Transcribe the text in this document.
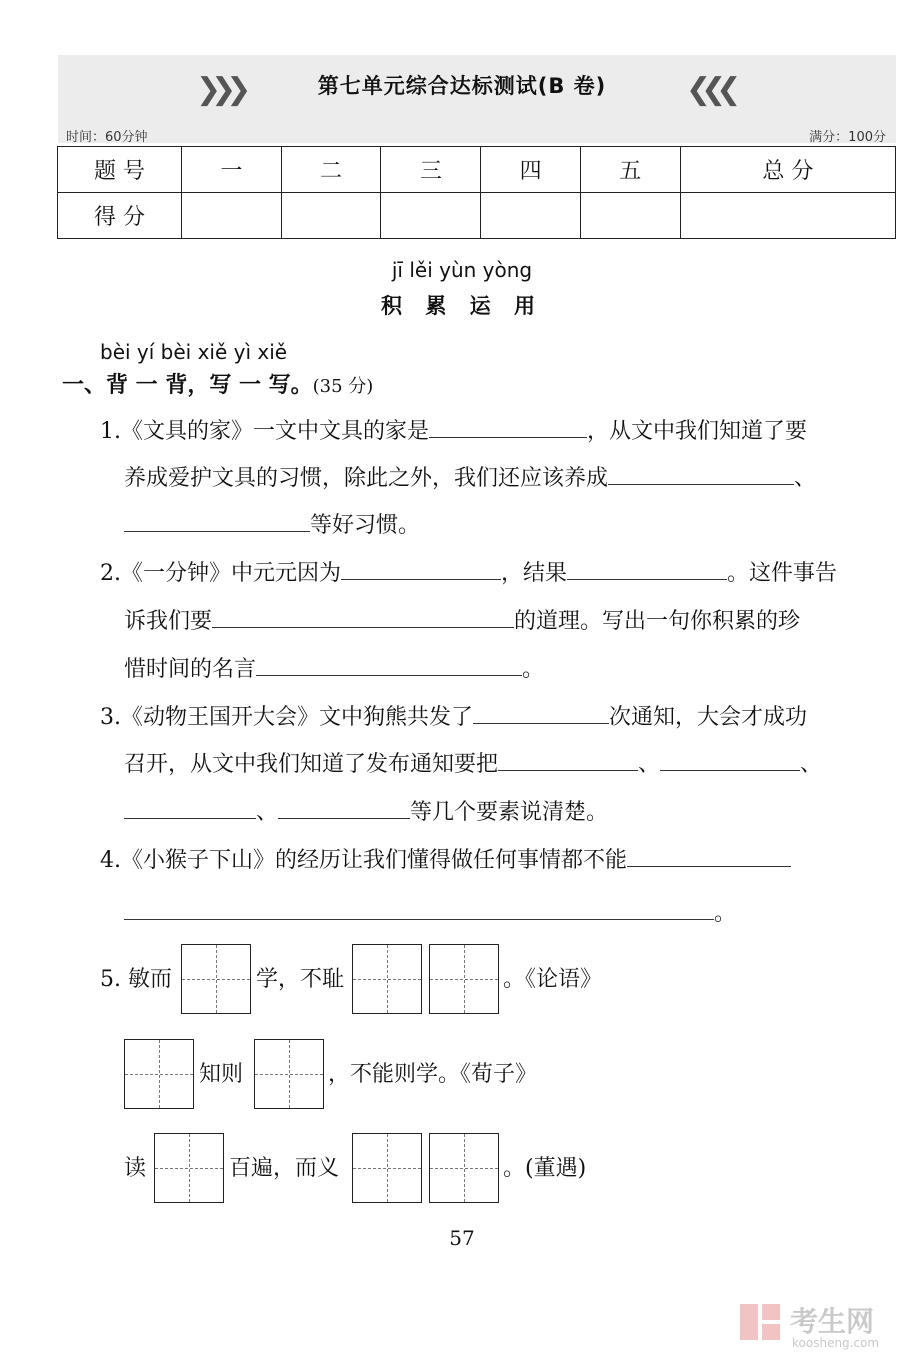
❯❯❯	❮❮❮
第七单元综合达标测试(B 卷)
时间：60分钟	满分：100分
题 号	一	二	三	四	五	总 分
得 分						
jī lěi yùn yòng
积 累 运 用
bèi yí bèi xiě yì xiě
一、背 一 背，写 一 写。(35 分)
1.《文具的家》一文中文具的家是	，从文中我们知道了要
养成爱护文具的习惯，除此之外，我们还应该养成	、
等好习惯。
2.《一分钟》中元元因为	，结果	。这件事告
诉我们要	的道理。写出一句你积累的珍
惜时间的名言	。
3.《动物王国开大会》文中狗熊共发了	次通知，大会才成功
召开，从文中我们知道了发布通知要把	、	、
、	等几个要素说清楚。
4.《小猴子下山》的经历让我们懂得做任何事情都不能
。
5. 敏而	学，不耻	。《论语》
知则	，不能则学。《荀子》
读	百遍，而义	。(董遇)
57
考生网
koosheng.com
